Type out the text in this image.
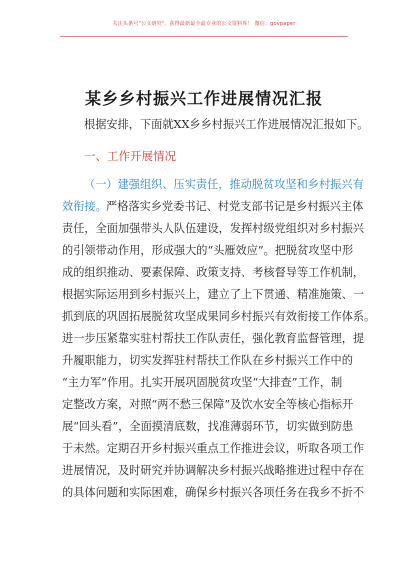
关注头条号"公文研究"，获得最新最全最专业的公文资料库！ 微信：govpaper
某乡乡村振兴工作进展情况汇报
根据安排，下面就XX乡乡村振兴工作进展情况汇报如下。
一、工作开展情况
（一）建强组织、压实责任，推动脱贫攻坚和乡村振兴有
效衔接。 严格落实乡党委书记、村党支部书记是乡村振兴主体
责任，全面加强带头人队伍建设，发挥村级党组织对乡村振兴
的引领带动作用，形成强大的“头雁效应”。把脱贫攻坚中形
成的组织推动、要素保障、政策支持、考核督导等工作机制，
根据实际运用到乡村振兴上，建立了上下贯通、精准施策、一
抓到底的巩固拓展脱贫攻坚成果同乡村振兴有效衔接工作体系。
进一步压紧靠实驻村帮扶工作队责任，强化教育监督管理，提
升履职能力，切实发挥驻村帮扶工作队在乡村振兴工作中的
“主力军”作用。扎实开展巩固脱贫攻坚“大排查”工作，制
定整改方案，对照“两不愁三保障”及饮水安全等核心指标开
展“回头看”，全面摸清底数，找准薄弱环节，切实做到防患
于未然。定期召开乡村振兴重点工作推进会议，听取各项工作
进展情况，及时研究并协调解决乡村振兴战略推进过程中存在
的具体问题和实际困难，确保乡村振兴各项任务在我乡不折不
